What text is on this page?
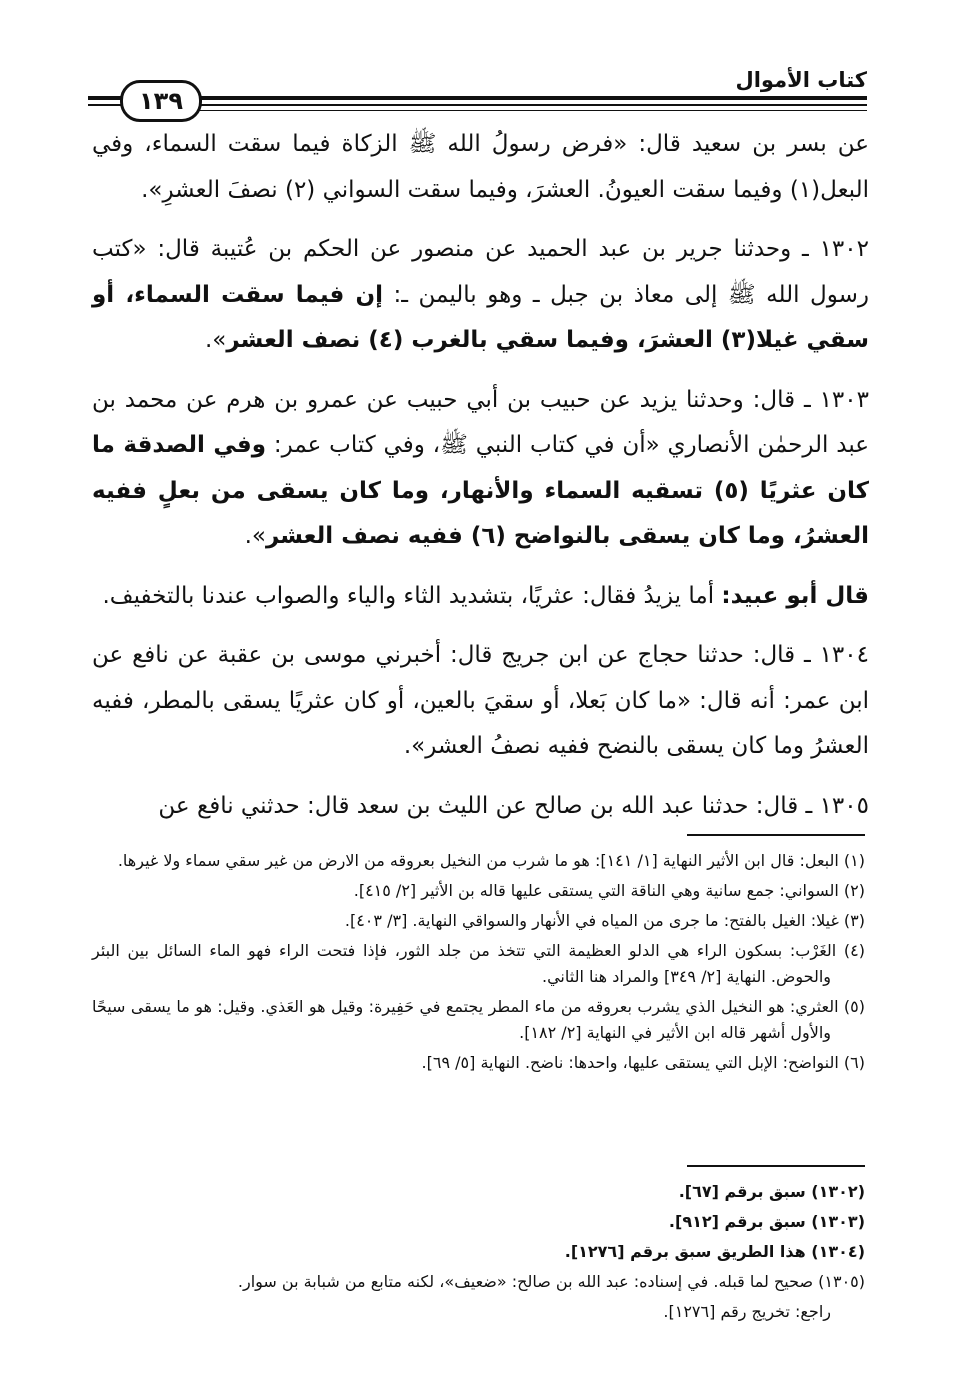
١٣٩
كتاب الأموال

عن بسر بن سعيد قال: «فرض رسولُ الله ﷺ الزكاة فيما سقت السماء، وفي البعل(١) وفيما سقت العيونُ. العشرَ، وفيما سقت السواني (٢) نصفَ العشرِ».

١٣٠٢ ـ وحدثنا جرير بن عبد الحميد عن منصور عن الحكم بن عُتيبة قال: «كتب رسول الله ﷺ إلى معاذ بن جبل ـ وهو باليمن ـ: إن فيما سقت السماء، أو سقي غيلا(٣) العشرَ، وفيما سقي بالغرب (٤) نصف العشر».

١٣٠٣ ـ قال: وحدثنا يزيد عن حبيب بن أبي حبيب عن عمرو بن هرم عن محمد بن عبد الرحمٰن الأنصاري «أن في كتاب النبي ﷺ، وفي كتاب عمر: وفي الصدقة ما كان عثريًا (٥) تسقيه السماء والأنهار، وما كان يسقى من بعلٍ ففيه العشرُ، وما كان يسقى بالنواضح (٦) ففيه نصف العشر».

قال أبو عبيد: أما يزيدُ فقال: عثريًا، بتشديد الثاء والياء والصواب عندنا بالتخفيف.

١٣٠٤ ـ قال: حدثنا حجاج عن ابن جريج قال: أخبرني موسى بن عقبة عن نافع عن ابن عمر: أنه قال: «ما كان بَعلا، أو سقيَ بالعين، أو كان عثريًا يسقى بالمطر، ففيه العشرُ وما كان يسقى بالنضح ففيه نصفُ العشر».

١٣٠٥ ـ قال: حدثنا عبد الله بن صالح عن الليث بن سعد قال: حدثني نافع عن

(١) البعل: قال ابن الأثير النهاية [١/ ١٤١]: هو ما شرب من النخيل بعروقه من الارض من غير سقي سماء ولا غيرها.
(٢) السواني: جمع سانية وهي الناقة التي يستقى عليها قاله بن الأثير [٢/ ٤١٥].
(٣) غيلا: الغيل بالفتح: ما جرى من المياه في الأنهار والسواقي النهاية. [٣/ ٤٠٣].
(٤) الغَرْب: بسكون الراء هي الدلو العظيمة التي تتخذ من جلد الثور، فإذا فتحت الراء فهو الماء السائل بين البئر والحوض. النهاية [٢/ ٣٤٩] والمراد هنا الثاني.
(٥) العثري: هو النخيل الذي يشرب بعروقه من ماء المطر يجتمع في حَفِيرة: وقيل هو العَذي. وقيل: هو ما يسقى سيحًا والأول أشهر قاله ابن الأثير في النهاية [٢/ ١٨٢].
(٦) النواضح: الإبل التي يستقى عليها، واحدها: ناضح. النهاية [٥/ ٦٩].
(١٣٠٢) سبق برقم [٦٧].
(١٣٠٣) سبق برقم [٩١٢].
(١٣٠٤) هذا الطريق سبق برقم [١٢٧٦].
(١٣٠٥) صحيح لما قبله. في إسناده: عبد الله بن صالح: «ضعيف»، لكنه متابع من شبابة بن سوار.
راجع: تخريج رقم [١٢٧٦].
